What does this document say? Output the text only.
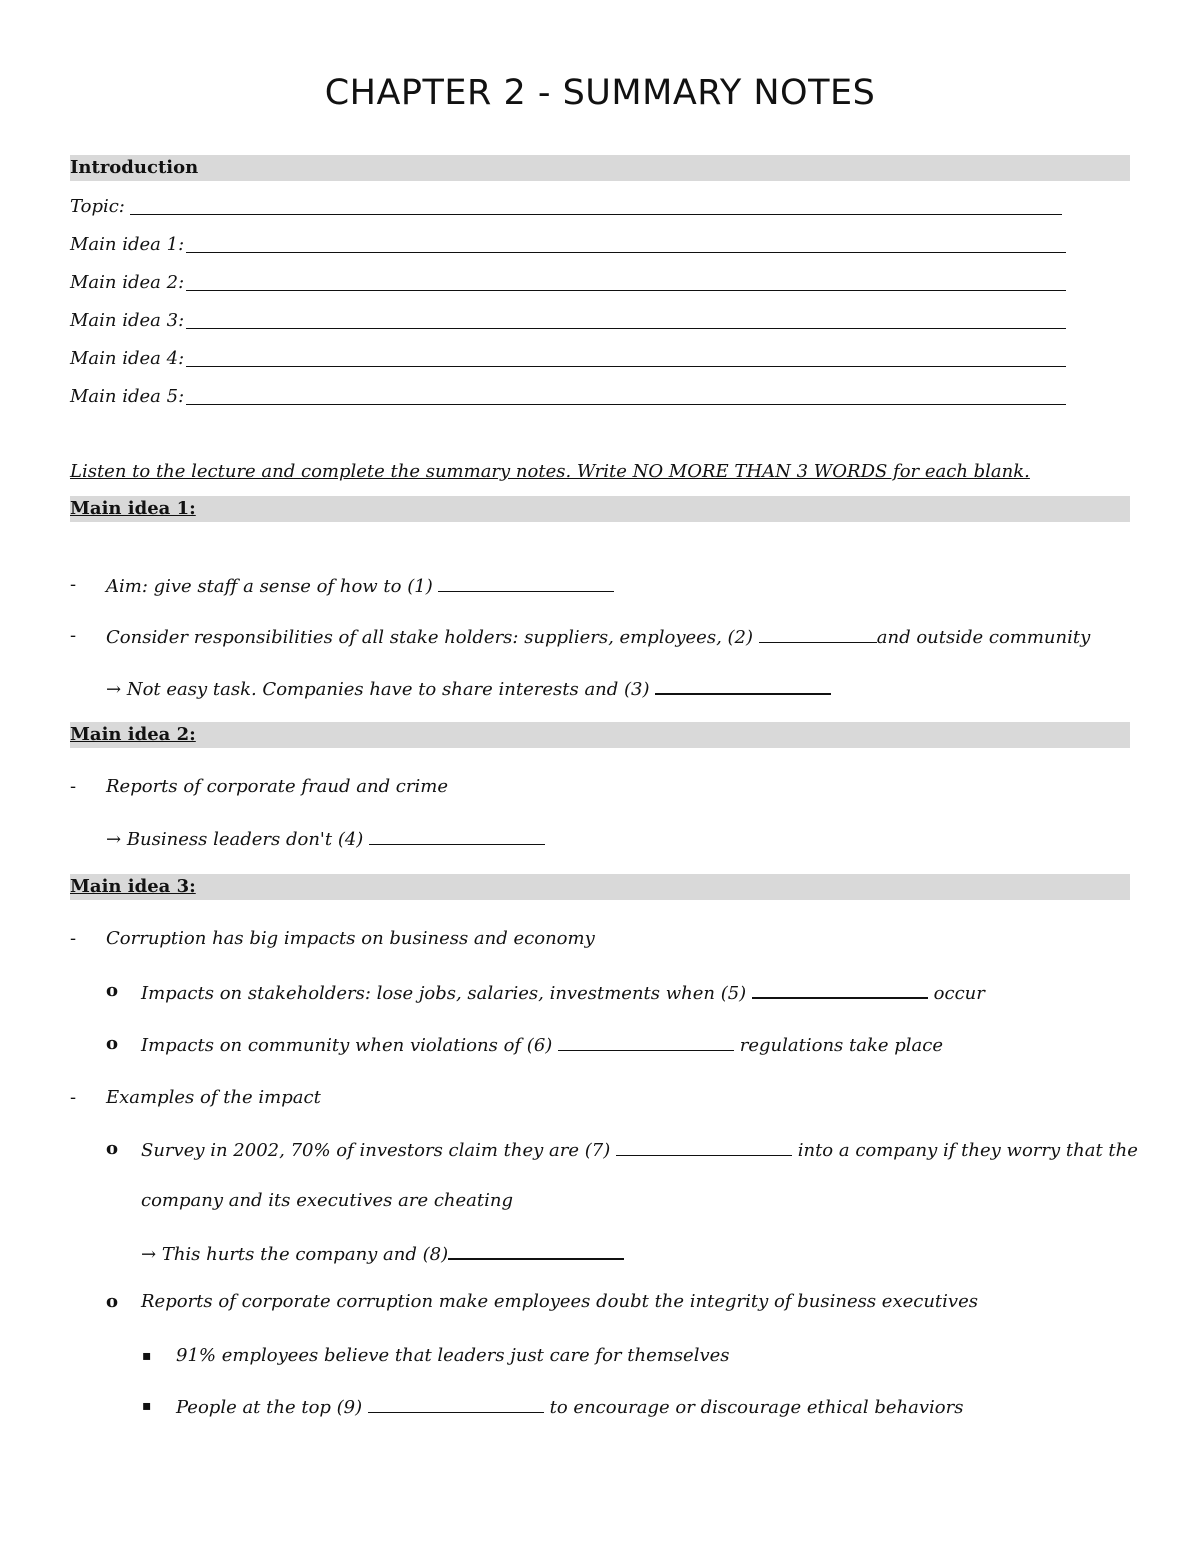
CHAPTER 2 - SUMMARY NOTES
Introduction
Topic:
Main idea 1:
Main idea 2:
Main idea 3:
Main idea 4:
Main idea 5:
Listen to the lecture and complete the summary notes. Write NO MORE THAN 3 WORDS for each blank.
Main idea 1:
- Aim: give staff a sense of how to (1)
- Consider responsibilities of all stake holders: suppliers, employees, (2)	and outside community
→ Not easy task. Companies have to share interests and (3)
Main idea 2:
- Reports of corporate fraud and crime
→ Business leaders don't (4)
Main idea 3:
- Corruption has big impacts on business and economy
o Impacts on stakeholders: lose jobs, salaries, investments when (5)	occur
o Impacts on community when violations of (6)	regulations take place
- Examples of the impact
o Survey in 2002, 70% of investors claim they are (7)	into a company if they worry that the
company and its executives are cheating
→ This hurts the company and (8)
o Reports of corporate corruption make employees doubt the integrity of business executives
▪ 91% employees believe that leaders just care for themselves
▪ People at the top (9)	to encourage or discourage ethical behaviors
